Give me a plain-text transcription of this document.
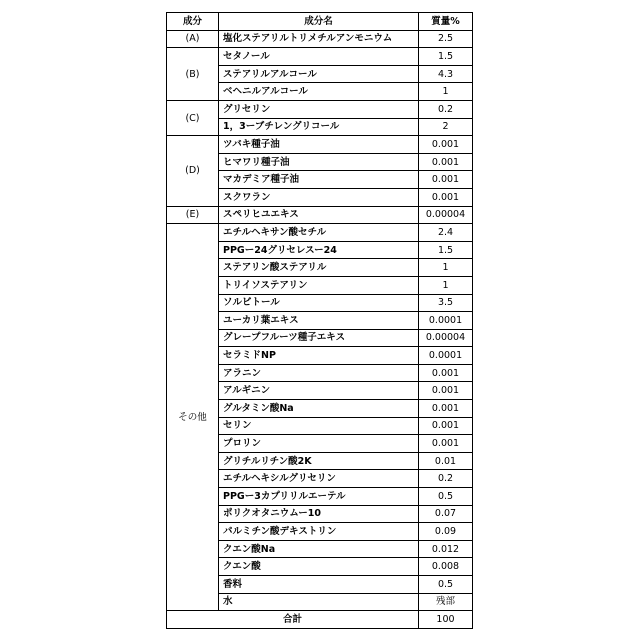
成分	成分名	質量%
(A)	塩化ステアリルトリメチルアンモニウム	2.5
(B)	セタノール	1.5
ステアリルアルコール	4.3
ベヘニルアルコール	1
(C)	グリセリン	0.2
1，3ーブチレングリコール	2
(D)	ツバキ種子油	0.001
ヒマワリ種子油	0.001
マカデミア種子油	0.001
スクワラン	0.001
(E)	スペリヒユエキス	0.00004
その他	エチルヘキサン酸セチル	2.4
PPGー24グリセレスー24	1.5
ステアリン酸ステアリル	1
トリイソステアリン	1
ソルビトール	3.5
ユーカリ葉エキス	0.0001
グレープフルーツ種子エキス	0.00004
セラミドNP	0.0001
アラニン	0.001
アルギニン	0.001
グルタミン酸Na	0.001
セリン	0.001
プロリン	0.001
グリチルリチン酸2K	0.01
エチルヘキシルグリセリン	0.2
PPGー3カプリリルエーテル	0.5
ポリクオタニウムー10	0.07
パルミチン酸デキストリン	0.09
クエン酸Na	0.012
クエン酸	0.008
香料	0.5
水	残部
合計	100
